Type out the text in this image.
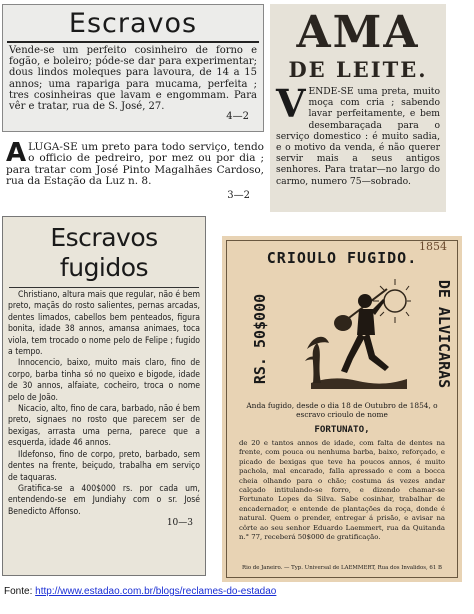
Escravos
Vende-se um perfeito cosinheiro de forno e fogão, e boleiro; póde-se dar para experimentar; dous lindos moleques para lavoura, de 14 a 15 annos; uma rapariga para mucama, perfeita ; tres cosinheiras que lavam e engommam. Para vêr e tratar, rua de S. José, 27.
4—2
A LUGA-SE um preto para todo serviço, tendo o officio de pedreiro, por mez ou por dia ; para tratar com José Pinto Magalhães Cardoso, rua da Estação da Luz n. 8.
3—2
AMA
DE LEITE.
V ENDE-SE uma preta, muito moça com cria ; sabendo lavar perfeitamente, e bem desembaraçada para o serviço domestico : é muito sadia, e o motivo da venda, é não querer servir mais a seus antigos senhores. Para tratar—no largo do carmo, numero 75—sobrado.
Escravos fugidos

Christiano, altura mais que regular, não é bem preto, maçãs do rosto salientes, pernas arcadas, dentes limados, cabellos bem penteados, figura bonita, idade 38 annos, amansa animaes, toca viola, tem trocado o nome pelo de Felipe ; fugido a tempo.

Innocencio, baixo, muito mais claro, fino de corpo, barba tinha só no queixo e bigode, idade de 30 annos, alfaiate, cocheiro, troca o nome pelo de João.

Nicacio, alto, fino de cara, barbado, não é bem preto, signaes no rosto que parecem ser de bexigas, arrasta uma perna, parece que a esquerda, idade 46 annos.

Ildefonso, fino de corpo, preto, barbado, sem dentes na frente, beiçudo, trabalha em serviço de taquaras.

Gratifica-se a 400$000 rs. por cada um, entendendo-se em Jundiahy com o sr. José Benedicto Affonso.

10—3
1854
CRIOULO FUGIDO.
RS. 50$000	DE ALVICARAS
Anda fugido, desde o dia 18 de Outubro de 1854, o escravo crioulo de nome
FORTUNATO,
de 20 e tantos annos de idade, com falta de dentes na frente, com pouca ou nenhuma barba, baixo, reforçado, e picado de bexigas que teve ha poucos annos, é muito pachola, mal encarado, falla apressado e com a bocca cheia olhando para o chão; costuma ás vezes andar calçado intitulando-se forro, e dizendo chamar-se Fortunato Lopes da Silva. Sabe cosinhar, trabalhar de encadernador, e entende de plantações da roça, donde é natural. Quem o prender, entregar á prisão, e avisar na côrte ao seu senhor Eduardo Laemmert, rua da Quitanda n.° 77, receberá 50$000 de gratificação.
Rio de Janeiro. — Typ. Universal de LAEMMERT, Rua dos Invalidos, 61 B
Fonte: http://www.estadao.com.br/blogs/reclames-do-estadao
